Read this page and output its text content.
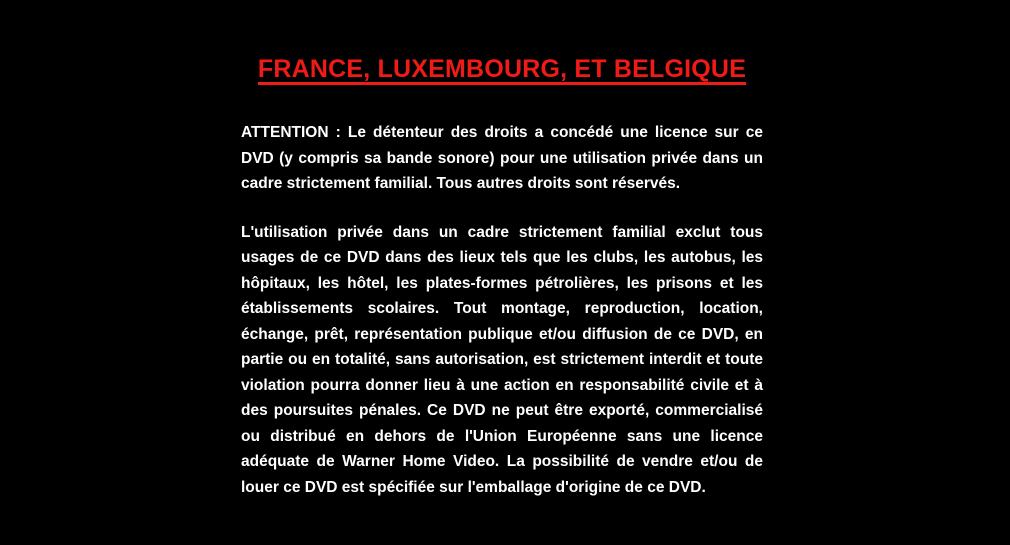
FRANCE, LUXEMBOURG, ET BELGIQUE

ATTENTION : Le détenteur des droits a concédé une licence sur ce DVD (y compris sa bande sonore) pour une utilisation privée dans un cadre strictement familial. Tous autres droits sont réservés.

L'utilisation privée dans un cadre strictement familial exclut tous usages de ce DVD dans des lieux tels que les clubs, les autobus, les hôpitaux, les hôtel, les plates-formes pétrolières, les prisons et les établissements scolaires. Tout montage, reproduction, location, échange, prêt, représentation publique et/ou diffusion de ce DVD, en partie ou en totalité, sans autorisation, est strictement interdit et toute violation pourra donner lieu à une action en responsabilité civile et à des poursuites pénales. Ce DVD ne peut être exporté, commercialisé ou distribué en dehors de l'Union Européenne sans une licence adéquate de Warner Home Video. La possibilité de vendre et/ou de louer ce DVD est spécifiée sur l'emballage d'origine de ce DVD.
